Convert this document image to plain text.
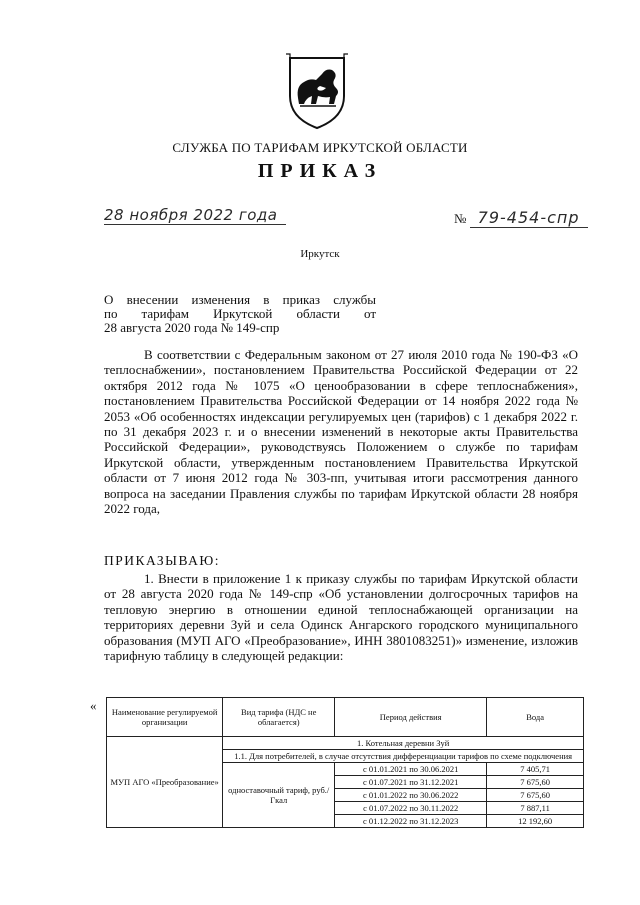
СЛУЖБА ПО ТАРИФАМ ИРКУТСКОЙ ОБЛАСТИ
ПРИКАЗ
28 ноября 2022 года	№ 79-454-спр
Иркутск
О внесении изменения в приказ службы
по тарифам Иркутской области от
28 августа 2020 года № 149-спр
В соответствии с Федеральным законом от 27 июля 2010 года № 190-ФЗ «О теплоснабжении», постановлением Правительства Российской Федерации от 22 октября 2012 года № 1075 «О ценообразовании в сфере теплоснабжения», постановлением Правительства Российской Федерации от 14 ноября 2022 года № 2053 «Об особенностях индексации регулируемых цен (тарифов) с 1 декабря 2022 г. по 31 декабря 2023 г. и о внесении изменений в некоторые акты Правительства Российской Федерации», руководствуясь Положением о службе по тарифам Иркутской области, утвержденным постановлением Правительства Иркутской области от 7 июня 2012 года № 303-пп, учитывая итоги рассмотрения данного вопроса на заседании Правления службы по тарифам Иркутской области 28 ноября 2022 года,
ПРИКАЗЫВАЮ:
1. Внести в приложение 1 к приказу службы по тарифам Иркутской области от 28 августа 2020 года № 149-спр «Об установлении долгосрочных тарифов на тепловую энергию в отношении единой теплоснабжающей организации на территориях деревни Зуй и села Одинск Ангарского городского муниципального образования (МУП АГО «Преобразование», ИНН 3801083251)» изменение, изложив тарифную таблицу в следующей редакции:
« Наименование регулируемой организации	Вид тарифа (НДС не облагается)	Период действия	Вода
МУП АГО «Преобразование»	1. Котельная деревни Зуй		
	1.1. Для потребителей, в случае отсутствия дифференциации тарифов по схеме подключения		
	одноставочный тариф, руб./Гкал	с 01.01.2021 по 30.06.2021	7 405,71
		с 01.07.2021 по 31.12.2021	7 675,60
		с 01.01.2022 по 30.06.2022	7 675,60
		с 01.07.2022 по 30.11.2022	7 887,11
		с 01.12.2022 по 31.12.2023	12 192,60
